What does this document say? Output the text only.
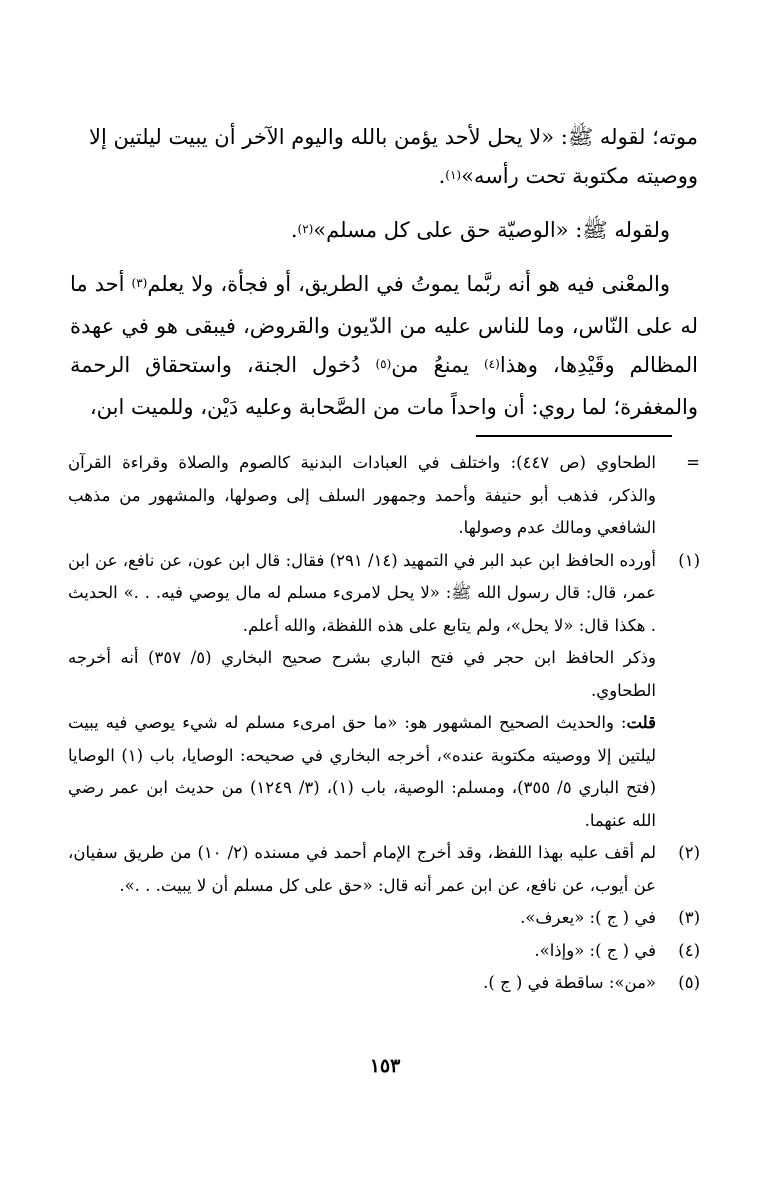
موته؛ لقوله ﷺ: «لا يحل لأحد يؤمن بالله واليوم الآخر أن يبيت ليلتين إلا
ووصيته مكتوبة تحت رأسه»$^{(١)}$.

ولقوله ﷺ: «الوصيّة حق على كل مسلم»$^{(٢)}$.

والمعْنى فيه هو أنه ربَّما يموتُ في الطريق، أو فجأة، ولا يعلم$^{(٣)}$ أحد ما له على النّاس، وما للناس عليه من الدّيون والقروض، فيبقى هو في عهدة المظالم وقَيْدِها، وهذا$^{(٤)}$ يمنعُ من$^{(٥)}$ دُخول الجنة، واستحقاق الرحمة والمغفرة؛ لما روي: أن واحداً مات من الصَّحابة وعليه دَيْن، وللميت ابن،

=
الطحاوي (ص ٤٤٧): واختلف في العبادات البدنية كالصوم والصلاة وقراءة القرآن والذكر، فذهب أبو حنيفة وأحمد وجمهور السلف إلى وصولها، والمشهور من مذهب الشافعي ومالك عدم وصولها.
(١)
أورده الحافظ ابن عبد البر في التمهيد (١٤/ ٢٩١) فقال: قال ابن عون، عن نافع، عن ابن عمر، قال: قال رسول الله ﷺ: «لا يحل لامرىء مسلم له مال يوصي فيه. . .» الحديث . هكذا قال: «لا يحل»، ولم يتابع على هذه اللفظة، والله أعلم.
وذكر الحافظ ابن حجر في فتح الباري بشرح صحيح البخاري (٥/ ٣٥٧) أنه أخرجه الطحاوي.
قلت: والحديث الصحيح المشهور هو: «ما حق امرىء مسلم له شيء يوصي فيه يبيت ليلتين إلا ووصيته مكتوبة عنده»، أخرجه البخاري في صحيحه: الوصايا، باب (١) الوصايا (فتح الباري ٥/ ٣٥٥)، ومسلم: الوصية، باب (١)، (٣/ ١٢٤٩) من حديث ابن عمر رضي الله عنهما.
(٢)
لم أقف عليه بهذا اللفظ، وقد أخرج الإمام أحمد في مسنده (٢/ ١٠) من طريق سفيان، عن أيوب، عن نافع، عن ابن عمر أنه قال: «حق على كل مسلم أن لا يبيت. . .».
(٣)
في ( ج ): «يعرف».
(٤)
في ( ج ): «وإذا».
(٥)
«من»: ساقطة في ( ج ).
١٥٣
